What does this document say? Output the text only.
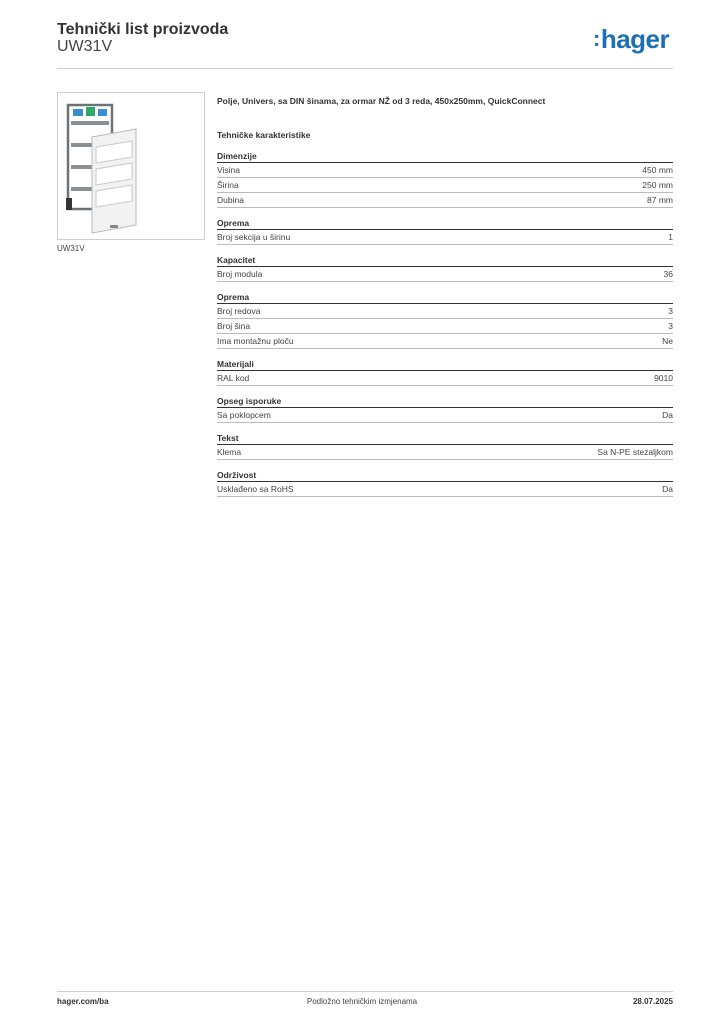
Tehnički list proizvoda
UW31V	:hager
UW31V
Polje, Univers, sa DIN šinama, za ormar NŽ od 3 reda, 450x250mm, QuickConnect
Tehničke karakteristike
Dimenzije
Visina	450 mm
Širina	250 mm
Dubina	87 mm
Oprema
Broj sekcija u širinu	1
Kapacitet
Broj modula	36
Oprema
Broj redova	3
Broj šina	3
Ima montažnu ploču	Ne
Materijali
RAL kod	9010
Opseg isporuke
Sa poklopcem	Da
Tekst
Klema	Sa N-PE stezaljkom
Održivost
Usklađeno sa RoHS	Da
hager.com/ba	Podložno tehničkim izmjenama	28.07.2025
